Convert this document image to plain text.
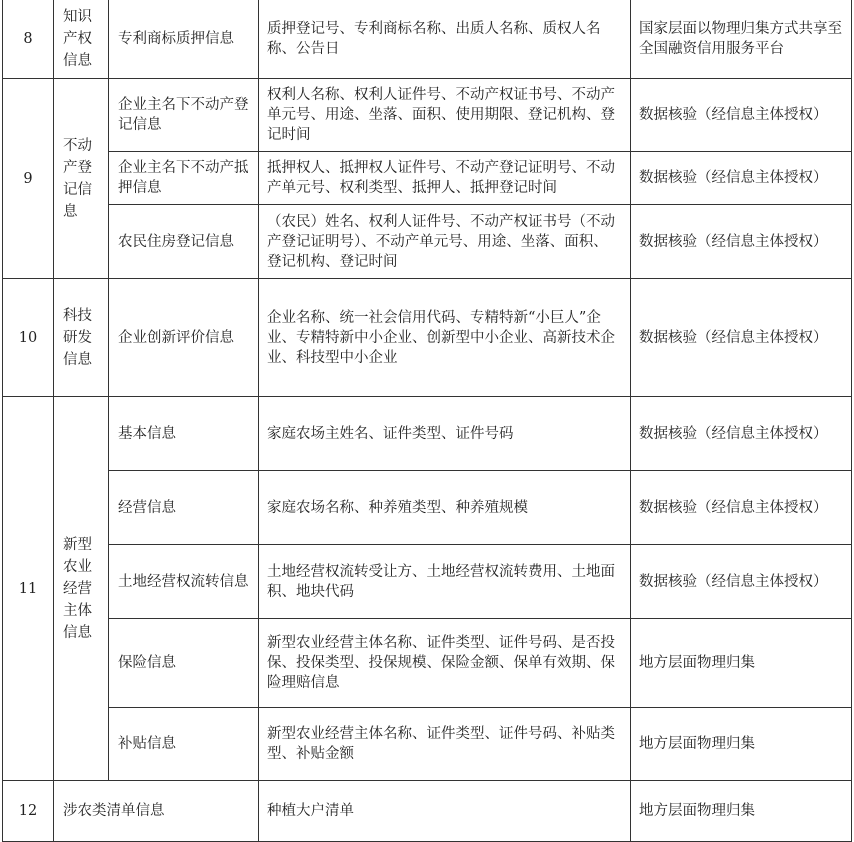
8	知识产权信息	专利商标质押信息	质押登记号、专利商标名称、出质人名称、质权人名称、公告日	国家层面以物理归集方式共享至全国融资信用服务平台
9	不动产登记信息	企业主名下不动产登记信息	权利人名称、权利人证件号、不动产权证书号、不动产单元号、用途、坐落、面积、使用期限、登记机构、登记时间	数据核验（经信息主体授权）
		企业主名下不动产抵押信息	抵押权人、抵押权人证件号、不动产登记证明号、不动产单元号、权利类型、抵押人、抵押登记时间	数据核验（经信息主体授权）
		农民住房登记信息	（农民）姓名、权利人证件号、不动产权证书号（不动产登记证明号）、不动产单元号、用途、坐落、面积、登记机构、登记时间	数据核验（经信息主体授权）
10	科技研发信息	企业创新评价信息	企业名称、统一社会信用代码、专精特新“小巨人”企业、专精特新中小企业、创新型中小企业、高新技术企业、科技型中小企业	数据核验（经信息主体授权）
11	新型农业经营主体信息	基本信息	家庭农场主姓名、证件类型、证件号码	数据核验（经信息主体授权）
		经营信息	家庭农场名称、种养殖类型、种养殖规模	数据核验（经信息主体授权）
		土地经营权流转信息	土地经营权流转受让方、土地经营权流转费用、土地面积、地块代码	数据核验（经信息主体授权）
		保险信息	新型农业经营主体名称、证件类型、证件号码、是否投保、投保类型、投保规模、保险金额、保单有效期、保险理赔信息	地方层面物理归集
		补贴信息	新型农业经营主体名称、证件类型、证件号码、补贴类型、补贴金额	地方层面物理归集
12	涉农类清单信息		种植大户清单	地方层面物理归集
